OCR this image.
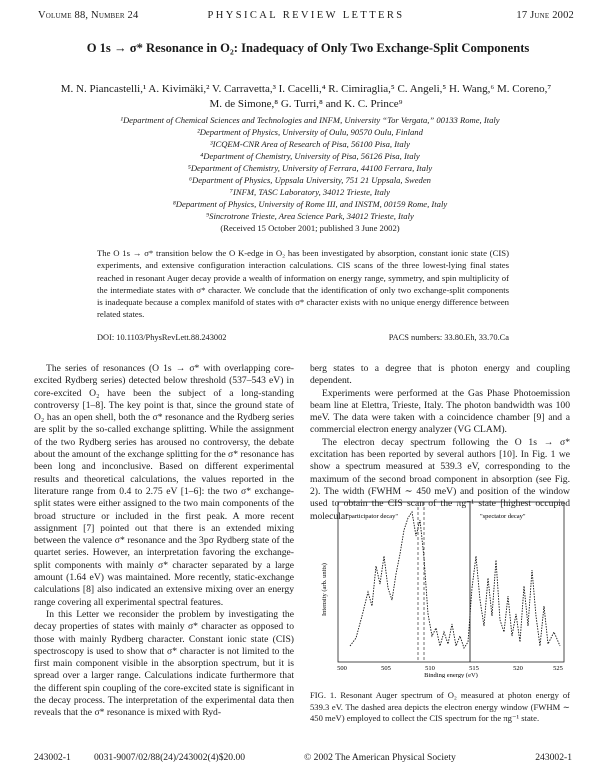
Volume 88, Number 24	PHYSICAL REVIEW LETTERS	17 June 2002
O 1s → σ* Resonance in O₂: Inadequacy of Only Two Exchange-Split Components
M. N. Piancastelli,¹ A. Kivimäki,² V. Carravetta,³ I. Cacelli,⁴ R. Cimiraglia,⁵ C. Angeli,⁵ H. Wang,⁶ M. Coreno,⁷ M. de Simone,⁸ G. Turri,⁸ and K. C. Prince⁹
¹Department of Chemical Sciences and Technologies and INFM, University “Tor Vergata,” 00133 Rome, Italy
²Department of Physics, University of Oulu, 90570 Oulu, Finland
³ICQEM-CNR Area of Research of Pisa, 56100 Pisa, Italy
⁴Department of Chemistry, University of Pisa, 56126 Pisa, Italy
⁵Department of Chemistry, University of Ferrara, 44100 Ferrara, Italy
⁶Department of Physics, Uppsala University, 751 21 Uppsala, Sweden
⁷INFM, TASC Laboratory, 34012 Trieste, Italy
⁸Department of Physics, University of Rome III, and INSTM, 00159 Rome, Italy
⁹Sincrotrone Trieste, Area Science Park, 34012 Trieste, Italy
(Received 15 October 2001; published 3 June 2002)
The O 1s → σ* transition below the O K-edge in O₂ has been investigated by absorption, constant ionic state (CIS) experiments, and extensive configuration interaction calculations. CIS scans of the three lowest-lying final states reached in resonant Auger decay provide a wealth of information on energy range, symmetry, and spin multiplicity of the intermediate states with σ* character. We conclude that the identification of only two exchange-split components is inadequate because a complex manifold of states with σ* character exists with no unique energy difference between related states.
DOI: 10.1103/PhysRevLett.88.243002	PACS numbers: 33.80.Eh, 33.70.Ca

The series of resonances (O 1s → σ* with overlapping core-excited Rydberg series) detected below threshold (537–543 eV) in core-excited O₂ have been the subject of a long-standing controversy [1–8]. The key point is that, since the ground state of O₂ has an open shell, both the σ* resonance and the Rydberg series are split by the so-called exchange splitting. While the assignment of the two Rydberg series has aroused no controversy, the debate about the amount of the exchange splitting for the σ* resonance has been long and inconclusive. Based on different experimental results and theoretical calculations, the values reported in the literature range from 0.4 to 2.75 eV [1–6]: the two σ* exchange-split states were either assigned to the two main components of the broad structure or included in the first peak. A more recent assignment [7] pointed out that there is an extended mixing between the valence σ* resonance and the 3pσ Rydberg state of the quartet series. However, an interpretation favoring the exchange-split components with mainly σ* character separated by a large amount (1.64 eV) was maintained. More recently, static-exchange calculations [8] also indicated an extensive mixing over an energy range covering all experimental spectral features.

In this Letter we reconsider the problem by investigating the decay properties of states with mainly σ* character as opposed to those with mainly Rydberg character. Constant ionic state (CIS) spectroscopy is used to show that σ* character is not limited to the first main component visible in the absorption spectrum, but it is spread over a larger range. Calculations indicate furthermore that the different spin coupling of the core-excited state is significant in the decay process. The interpretation of the experimental data then reveals that the σ* resonance is mixed with Ryd-

berg states to a degree that is photon energy and coupling dependent.

Experiments were performed at the Gas Phase Photoemission beam line at Elettra, Trieste, Italy. The photon bandwidth was 100 meV. The data were taken with a coincidence chamber [9] and a commercial electron energy analyzer (VG CLAM).

The electron decay spectrum following the O 1s → σ* excitation has been reported by several authors [10]. In Fig. 1 we show a spectrum measured at 539.3 eV, corresponding to the maximum of the second broad component in absorption (see Fig. 2). The width (FWHM ∼ 450 meV) and position of the window used to obtain the CIS scan of the πg⁻¹ state [highest occupied molecular

"participator decay"	"spectator decay"
Intensity (arb. units)
500	505	510	515	520	525
Binding energy (eV)
FIG. 1. Resonant Auger spectrum of O₂ measured at photon energy of 539.3 eV. The dashed area depicts the electron energy window (FWHM ∼ 450 meV) employed to collect the CIS spectrum for the πg⁻¹ state.
243002-1 0031-9007/02/88(24)/243002(4)$20.00	© 2002 The American Physical Society	243002-1
